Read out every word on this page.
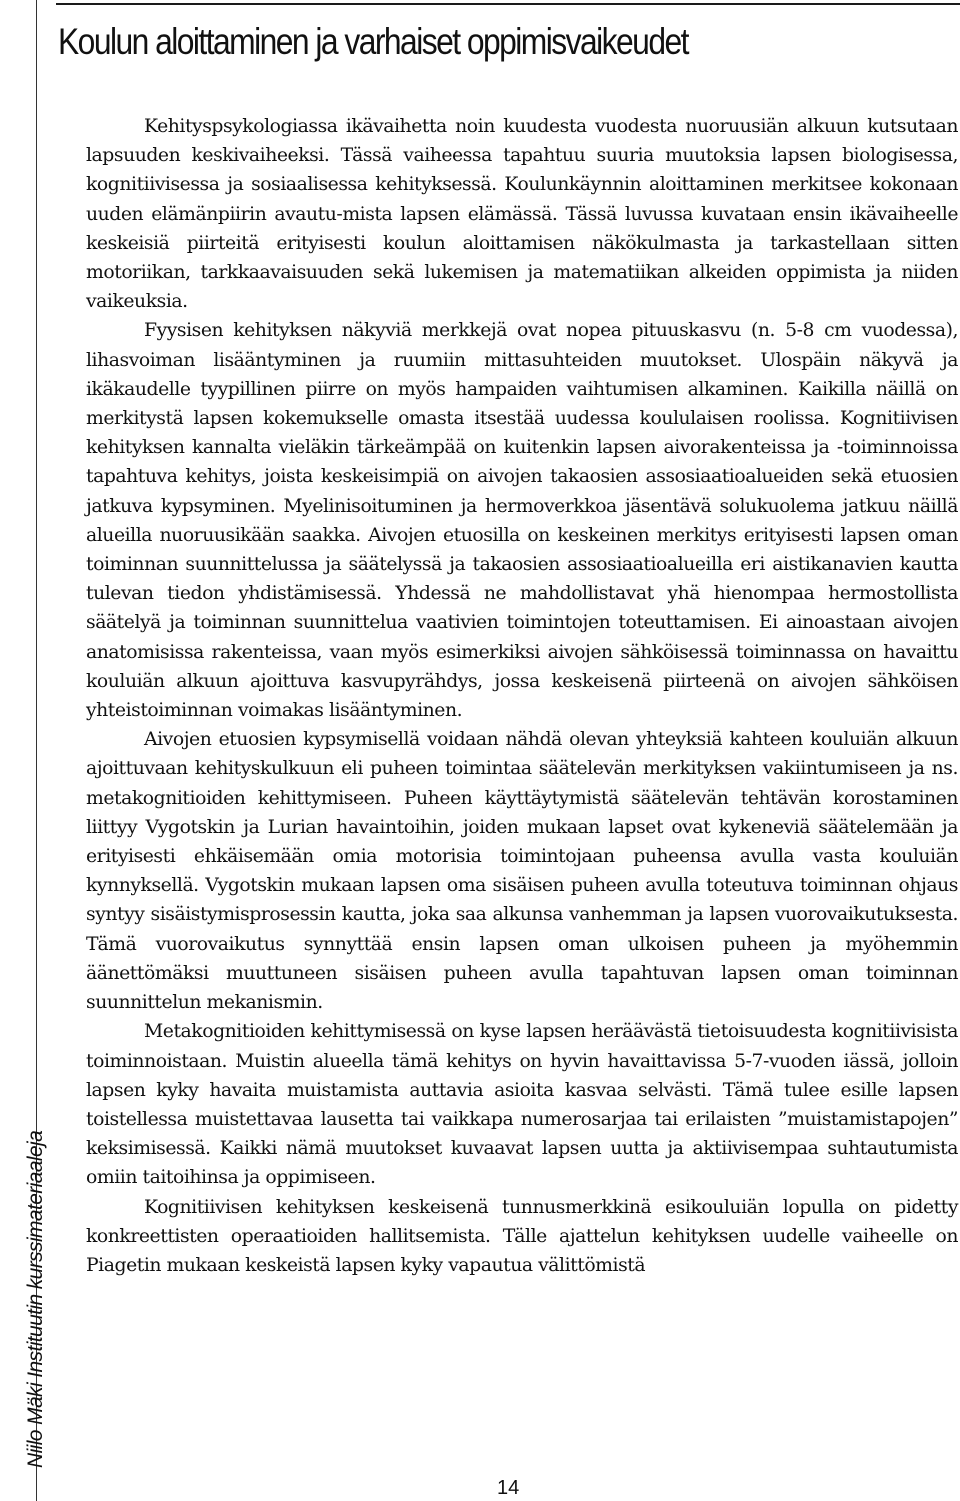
Koulun aloittaminen ja varhaiset oppimisvaikeudet
Niilo Mäki Instituutin kurssimateriaaleja

Kehityspsykologiassa ikävaihetta noin kuudesta vuodesta nuoruusiän alkuun kutsutaan lapsuuden keskivaiheeksi. Tässä vaiheessa tapahtuu suuria muutoksia lapsen biologisessa, kognitiivisessa ja sosiaalisessa kehityksessä. Koulunkäynnin aloittaminen merkitsee kokonaan uuden elämänpiirin avautu-mista lapsen elämässä. Tässä luvussa kuvataan ensin ikävaiheelle keskeisiä piirteitä erityisesti koulun aloittamisen näkökulmasta ja tarkastellaan sitten motoriikan, tarkkaavaisuuden sekä lukemisen ja matematiikan alkeiden oppimista ja niiden vaikeuksia.

Fyysisen kehityksen näkyviä merkkejä ovat nopea pituuskasvu (n. 5-8 cm vuodessa), lihasvoiman lisääntyminen ja ruumiin mittasuhteiden muutokset. Ulospäin näkyvä ja ikäkaudelle tyypillinen piirre on myös hampaiden vaihtumisen alkaminen. Kaikilla näillä on merkitystä lapsen kokemukselle omasta itsestää uudessa koululaisen roolissa. Kognitiivisen kehityksen kannalta vieläkin tärkeämpää on kuitenkin lapsen aivorakenteissa ja -toiminnoissa tapahtuva kehitys, joista keskeisimpiä on aivojen takaosien assosiaatioalueiden sekä etuosien jatkuva kypsyminen. Myelinisoituminen ja hermoverkkoa jäsentävä solukuolema jatkuu näillä alueilla nuoruusikään saakka. Aivojen etuosilla on keskeinen merkitys erityisesti lapsen oman toiminnan suunnittelussa ja säätelyssä ja takaosien assosiaatioalueilla eri aistikanavien kautta tulevan tiedon yhdistämisessä. Yhdessä ne mahdollistavat yhä hienompaa hermostollista säätelyä ja toiminnan suunnittelua vaativien toimintojen toteuttamisen. Ei ainoastaan aivojen anatomisissa rakenteissa, vaan myös esimerkiksi aivojen sähköisessä toiminnassa on havaittu kouluiän alkuun ajoittuva kasvupyrähdys, jossa keskeisenä piirteenä on aivojen sähköisen yhteistoiminnan voimakas lisääntyminen.

Aivojen etuosien kypsymisellä voidaan nähdä olevan yhteyksiä kahteen kouluiän alkuun ajoittuvaan kehityskulkuun eli puheen toimintaa säätelevän merkityksen vakiintumiseen ja ns. metakognitioiden kehittymiseen. Puheen käyttäytymistä säätelevän tehtävän korostaminen liittyy Vygotskin ja Lurian havaintoihin, joiden mukaan lapset ovat kykeneviä säätelemään ja erityisesti ehkäisemään omia motorisia toimintojaan puheensa avulla vasta kouluiän kynnyksellä. Vygotskin mukaan lapsen oma sisäisen puheen avulla toteutuva toiminnan ohjaus syntyy sisäistymisprosessin kautta, joka saa alkunsa vanhemman ja lapsen vuorovaikutuksesta. Tämä vuorovaikutus synnyttää ensin lapsen oman ulkoisen puheen ja myöhemmin äänettömäksi muuttuneen sisäisen puheen avulla tapahtuvan lapsen oman toiminnan suunnittelun mekanismin.

Metakognitioiden kehittymisessä on kyse lapsen heräävästä tietoisuudesta kognitiivisista toiminnoistaan. Muistin alueella tämä kehitys on hyvin havaittavissa 5-7-vuoden iässä, jolloin lapsen kyky havaita muistamista auttavia asioita kasvaa selvästi. Tämä tulee esille lapsen toistellessa muistettavaa lausetta tai vaikkapa numerosarjaa tai erilaisten ”muistamistapojen” keksimisessä. Kaikki nämä muutokset kuvaavat lapsen uutta ja aktiivisempaa suhtautumista omiin taitoihinsa ja oppimiseen.

Kognitiivisen kehityksen keskeisenä tunnusmerkkinä esikouluiän lopulla on pidetty konkreettisten operaatioiden hallitsemista. Tälle ajattelun kehityksen uudelle vaiheelle on Piagetin mukaan keskeistä lapsen kyky vapautua välittömistä

14
